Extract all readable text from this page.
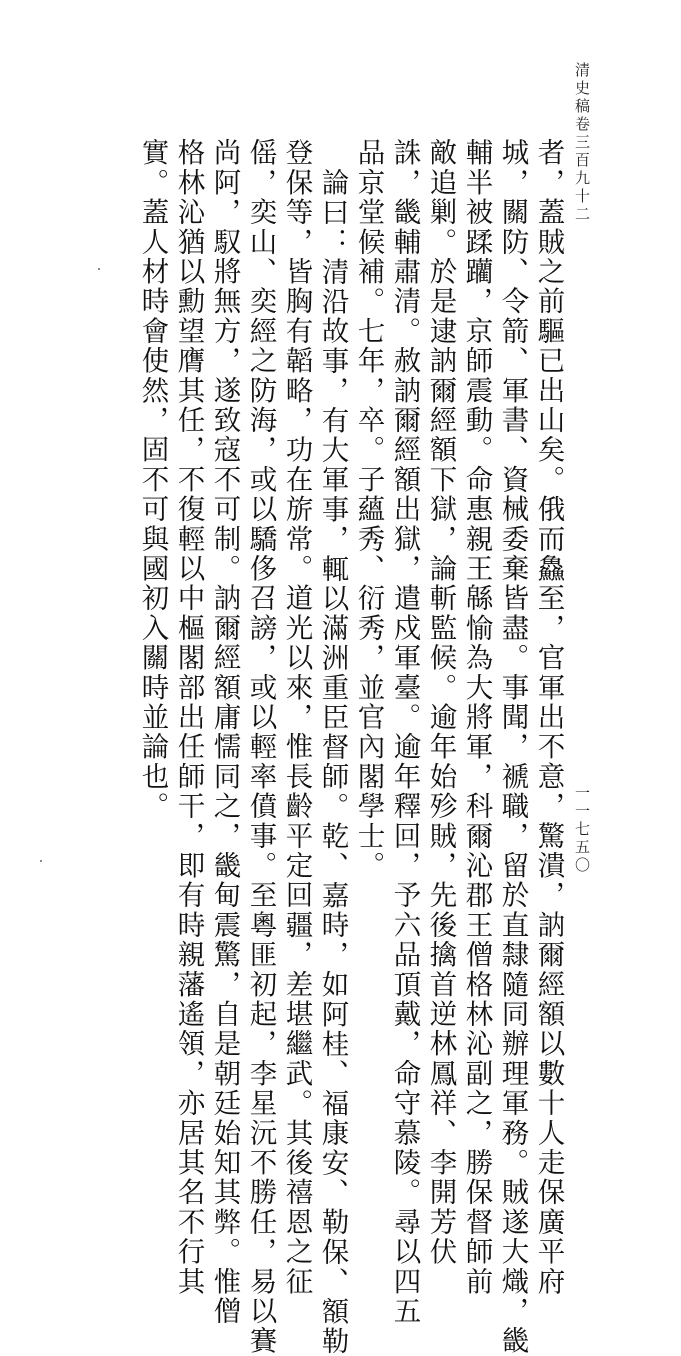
清史稿卷三百九十二
一一七五〇
者，蓋賊之前驅已出山矣。俄而鱻至，官軍出不意，驚潰，訥爾經額以數十人走保廣平府
城，關防、令箭、軍書、資械委棄皆盡。事聞，褫職，留於直隸隨同辦理軍務。賊遂大熾，畿
輔半被蹂躪，京師震動。命惠親王緜愉為大將軍，科爾沁郡王僧格林沁副之，勝保督師前
敵追剿。於是逮訥爾經額下獄，論斬監候。逾年始殄賊，先後擒首逆林鳳祥、李開芳伏
誅，畿輔肅清。赦訥爾經額出獄，遣戍軍臺。逾年釋回，予六品頂戴，命守慕陵。尋以四五
品京堂候補。七年，卒。子蘊秀、衍秀，並官內閣學士。
論曰：清沿故事，有大軍事，輒以滿洲重臣督師。乾、嘉時，如阿桂、福康安、勒保、額勒
登保等，皆胸有韜略，功在旂常。道光以來，惟長齡平定回疆，差堪繼武。其後禧恩之征
傜，奕山、奕經之防海，或以驕侈召謗，或以輕率僨事。至粵匪初起，李星沅不勝任，易以賽
尚阿，馭將無方，遂致寇不可制。訥爾經額庸懦同之，畿甸震驚，自是朝廷始知其弊。惟僧
格林沁猶以勳望膺其任，不復輕以中樞閣部出任師干，即有時親藩遙領，亦居其名不行其
實。蓋人材時會使然，固不可與國初入關時並論也。
